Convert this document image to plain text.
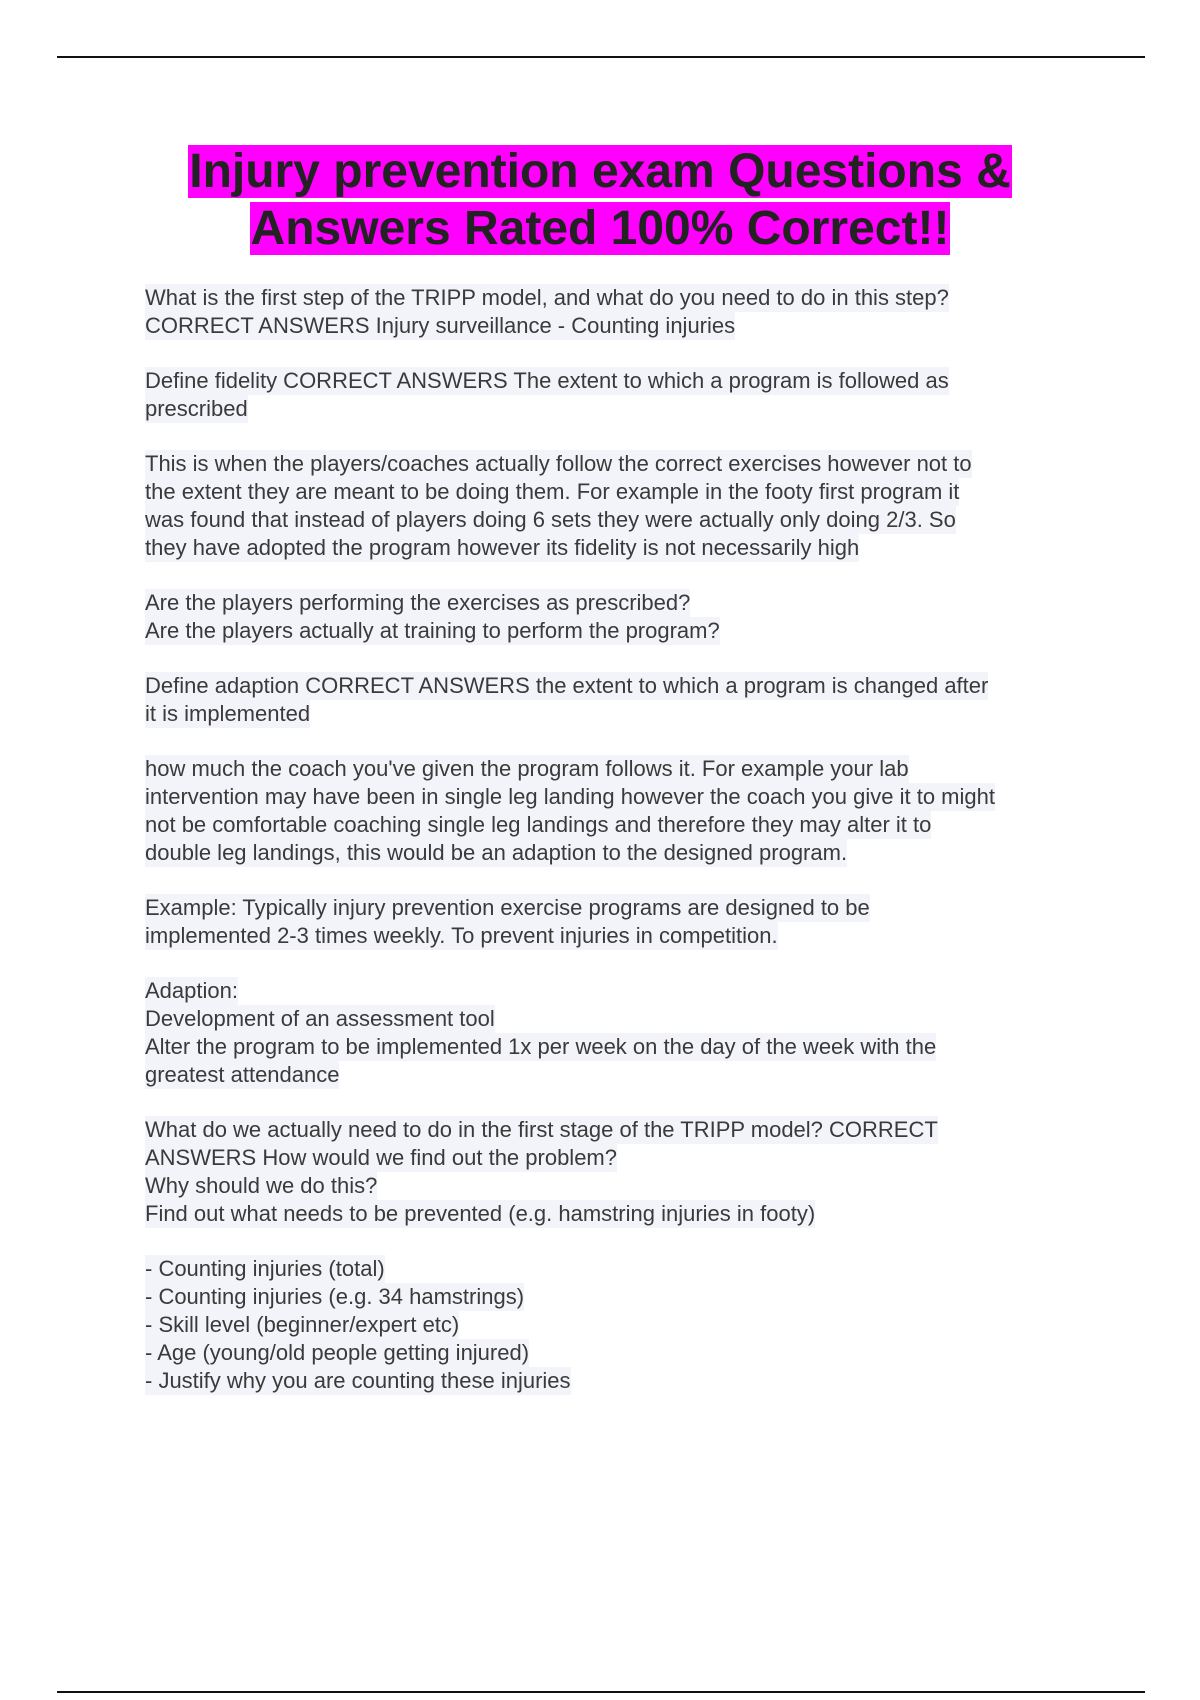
Injury prevention exam Questions &
Answers Rated 100% Correct!!

What is the first step of the TRIPP model, and what do you need to do in this step?
CORRECT ANSWERS Injury surveillance - Counting injuries

Define fidelity CORRECT ANSWERS The extent to which a program is followed as
prescribed

This is when the players/coaches actually follow the correct exercises however not to
the extent they are meant to be doing them. For example in the footy first program it
was found that instead of players doing 6 sets they were actually only doing 2/3. So
they have adopted the program however its fidelity is not necessarily high

Are the players performing the exercises as prescribed?
Are the players actually at training to perform the program?

Define adaption CORRECT ANSWERS the extent to which a program is changed after
it is implemented

how much the coach you've given the program follows it. For example your lab
intervention may have been in single leg landing however the coach you give it to might
not be comfortable coaching single leg landings and therefore they may alter it to
double leg landings, this would be an adaption to the designed program.

Example: Typically injury prevention exercise programs are designed to be
implemented 2-3 times weekly. To prevent injuries in competition.

Adaption:
Development of an assessment tool
Alter the program to be implemented 1x per week on the day of the week with the
greatest attendance

What do we actually need to do in the first stage of the TRIPP model? CORRECT
ANSWERS How would we find out the problem?
Why should we do this?
Find out what needs to be prevented (e.g. hamstring injuries in footy)

- Counting injuries (total)
- Counting injuries (e.g. 34 hamstrings)
- Skill level (beginner/expert etc)
- Age (young/old people getting injured)
- Justify why you are counting these injuries
